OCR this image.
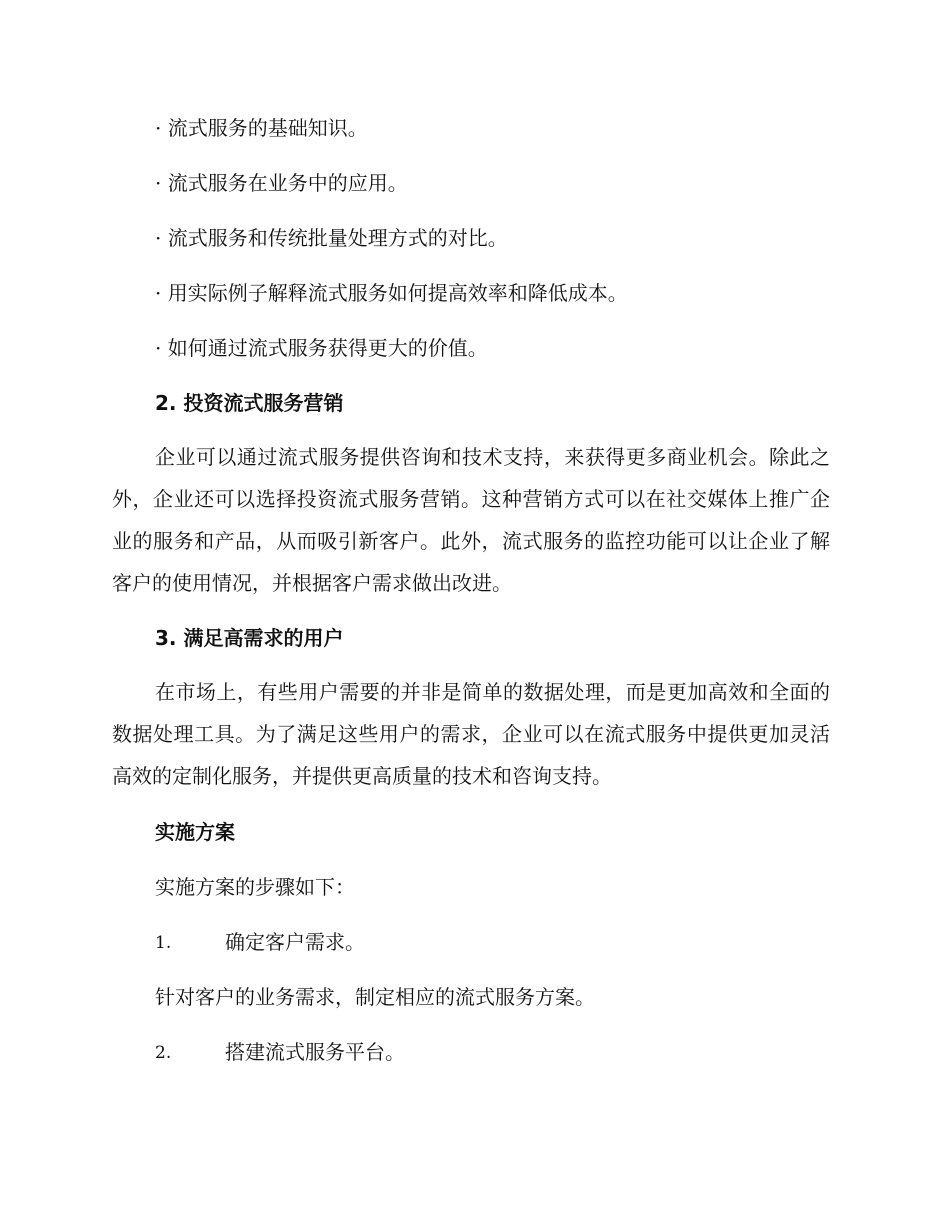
· 流式服务的基础知识。
· 流式服务在业务中的应用。
· 流式服务和传统批量处理方式的对比。
· 用实际例子解释流式服务如何提高效率和降低成本。
· 如何通过流式服务获得更大的价值。
2. 投资流式服务营销
企业可以通过流式服务提供咨询和技术支持，来获得更多商业机会。除此之外，企业还可以选择投资流式服务营销。这种营销方式可以在社交媒体上推广企业的服务和产品，从而吸引新客户。此外，流式服务的监控功能可以让企业了解客户的使用情况，并根据客户需求做出改进。
3. 满足高需求的用户
在市场上，有些用户需要的并非是简单的数据处理，而是更加高效和全面的数据处理工具。为了满足这些用户的需求，企业可以在流式服务中提供更加灵活高效的定制化服务，并提供更高质量的技术和咨询支持。
实施方案
实施方案的步骤如下：
1.	确定客户需求。
针对客户的业务需求，制定相应的流式服务方案。
2.	搭建流式服务平台。
